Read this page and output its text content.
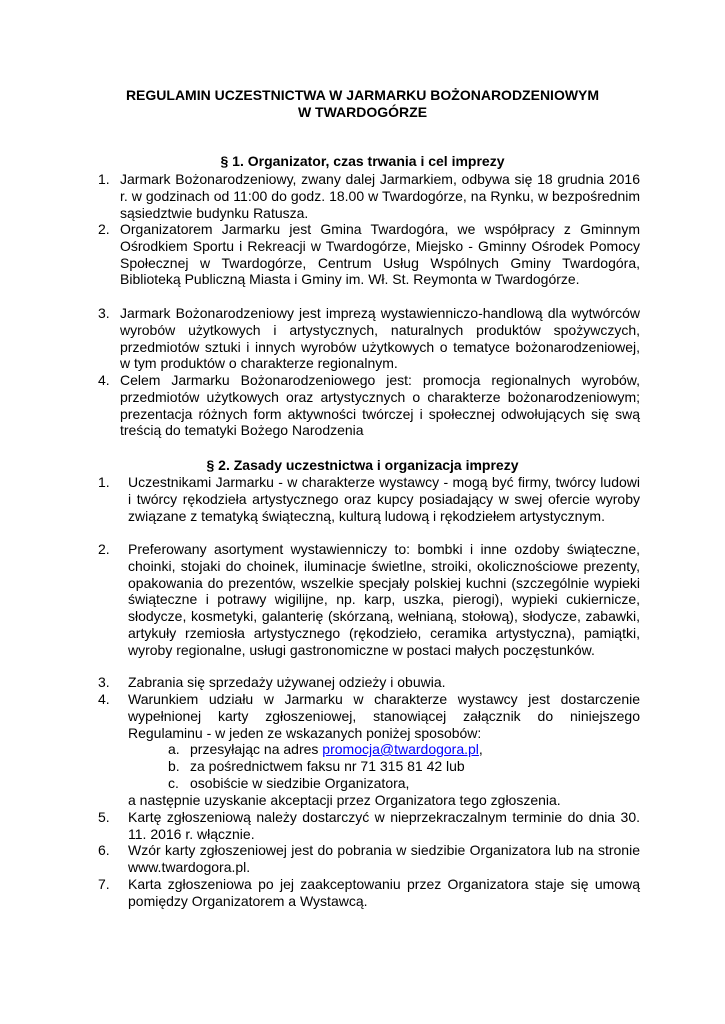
REGULAMIN UCZESTNICTWA W JARMARKU BOŻONARODZENIOWYM
W TWARDOGÓRZE
§ 1. Organizator, czas trwania i cel imprezy
1. Jarmark Bożonarodzeniowy, zwany dalej Jarmarkiem, odbywa się 18 grudnia 2016 r. w godzinach od 11:00 do godz. 18.00 w Twardogórze, na Rynku, w bezpośrednim sąsiedztwie budynku Ratusza.
2. Organizatorem Jarmarku jest Gmina Twardogóra, we współpracy z Gminnym Ośrodkiem Sportu i Rekreacji w Twardogórze, Miejsko - Gminny Ośrodek Pomocy Społecznej w Twardogórze, Centrum Usług Wspólnych Gminy Twardogóra, Biblioteką Publiczną Miasta i Gminy im. Wł. St. Reymonta w Twardogórze.
3. Jarmark Bożonarodzeniowy jest imprezą wystawienniczo-handlową dla wytwórców wyrobów użytkowych i artystycznych, naturalnych produktów spożywczych, przedmiotów sztuki i innych wyrobów użytkowych o tematyce bożonarodzeniowej, w tym produktów o charakterze regionalnym.
4. Celem Jarmarku Bożonarodzeniowego jest: promocja regionalnych wyrobów, przedmiotów użytkowych oraz artystycznych o charakterze bożonarodzeniowym; prezentacja różnych form aktywności twórczej i społecznej odwołujących się swą treścią do tematyki Bożego Narodzenia
§ 2. Zasady uczestnictwa i organizacja imprezy
1. Uczestnikami Jarmarku - w charakterze wystawcy - mogą być firmy, twórcy ludowi i twórcy rękodzieła artystycznego oraz kupcy posiadający w swej ofercie wyroby związane z tematyką świąteczną, kulturą ludową i rękodziełem artystycznym.
2. Preferowany asortyment wystawienniczy to: bombki i inne ozdoby świąteczne, choinki, stojaki do choinek, iluminacje świetlne, stroiki, okolicznościowe prezenty, opakowania do prezentów, wszelkie specjały polskiej kuchni (szczególnie wypieki świąteczne i potrawy wigilijne, np. karp, uszka, pierogi), wypieki cukiernicze, słodycze, kosmetyki, galanterię (skórzaną, wełnianą, stołową), słodycze, zabawki, artykuły rzemiosła artystycznego (rękodzieło, ceramika artystyczna), pamiątki, wyroby regionalne, usługi gastronomiczne w postaci małych poczęstunków.
3. Zabrania się sprzedaży używanej odzieży i obuwia.
4. Warunkiem udziału w Jarmarku w charakterze wystawcy jest dostarczenie wypełnionej karty zgłoszeniowej, stanowiącej załącznik do niniejszego Regulaminu - w jeden ze wskazanych poniżej sposobów:
a. przesyłając na adres promocja@twardogora.pl,
b. za pośrednictwem faksu nr 71 315 81 42 lub
c. osobiście w siedzibie Organizatora,
a następnie uzyskanie akceptacji przez Organizatora tego zgłoszenia.
5. Kartę zgłoszeniową należy dostarczyć w nieprzekraczalnym terminie do dnia 30. 11. 2016 r. włącznie.
6. Wzór karty zgłoszeniowej jest do pobrania w siedzibie Organizatora lub na stronie www.twardogora.pl.
7. Karta zgłoszeniowa po jej zaakceptowaniu przez Organizatora staje się umową pomiędzy Organizatorem a Wystawcą.
